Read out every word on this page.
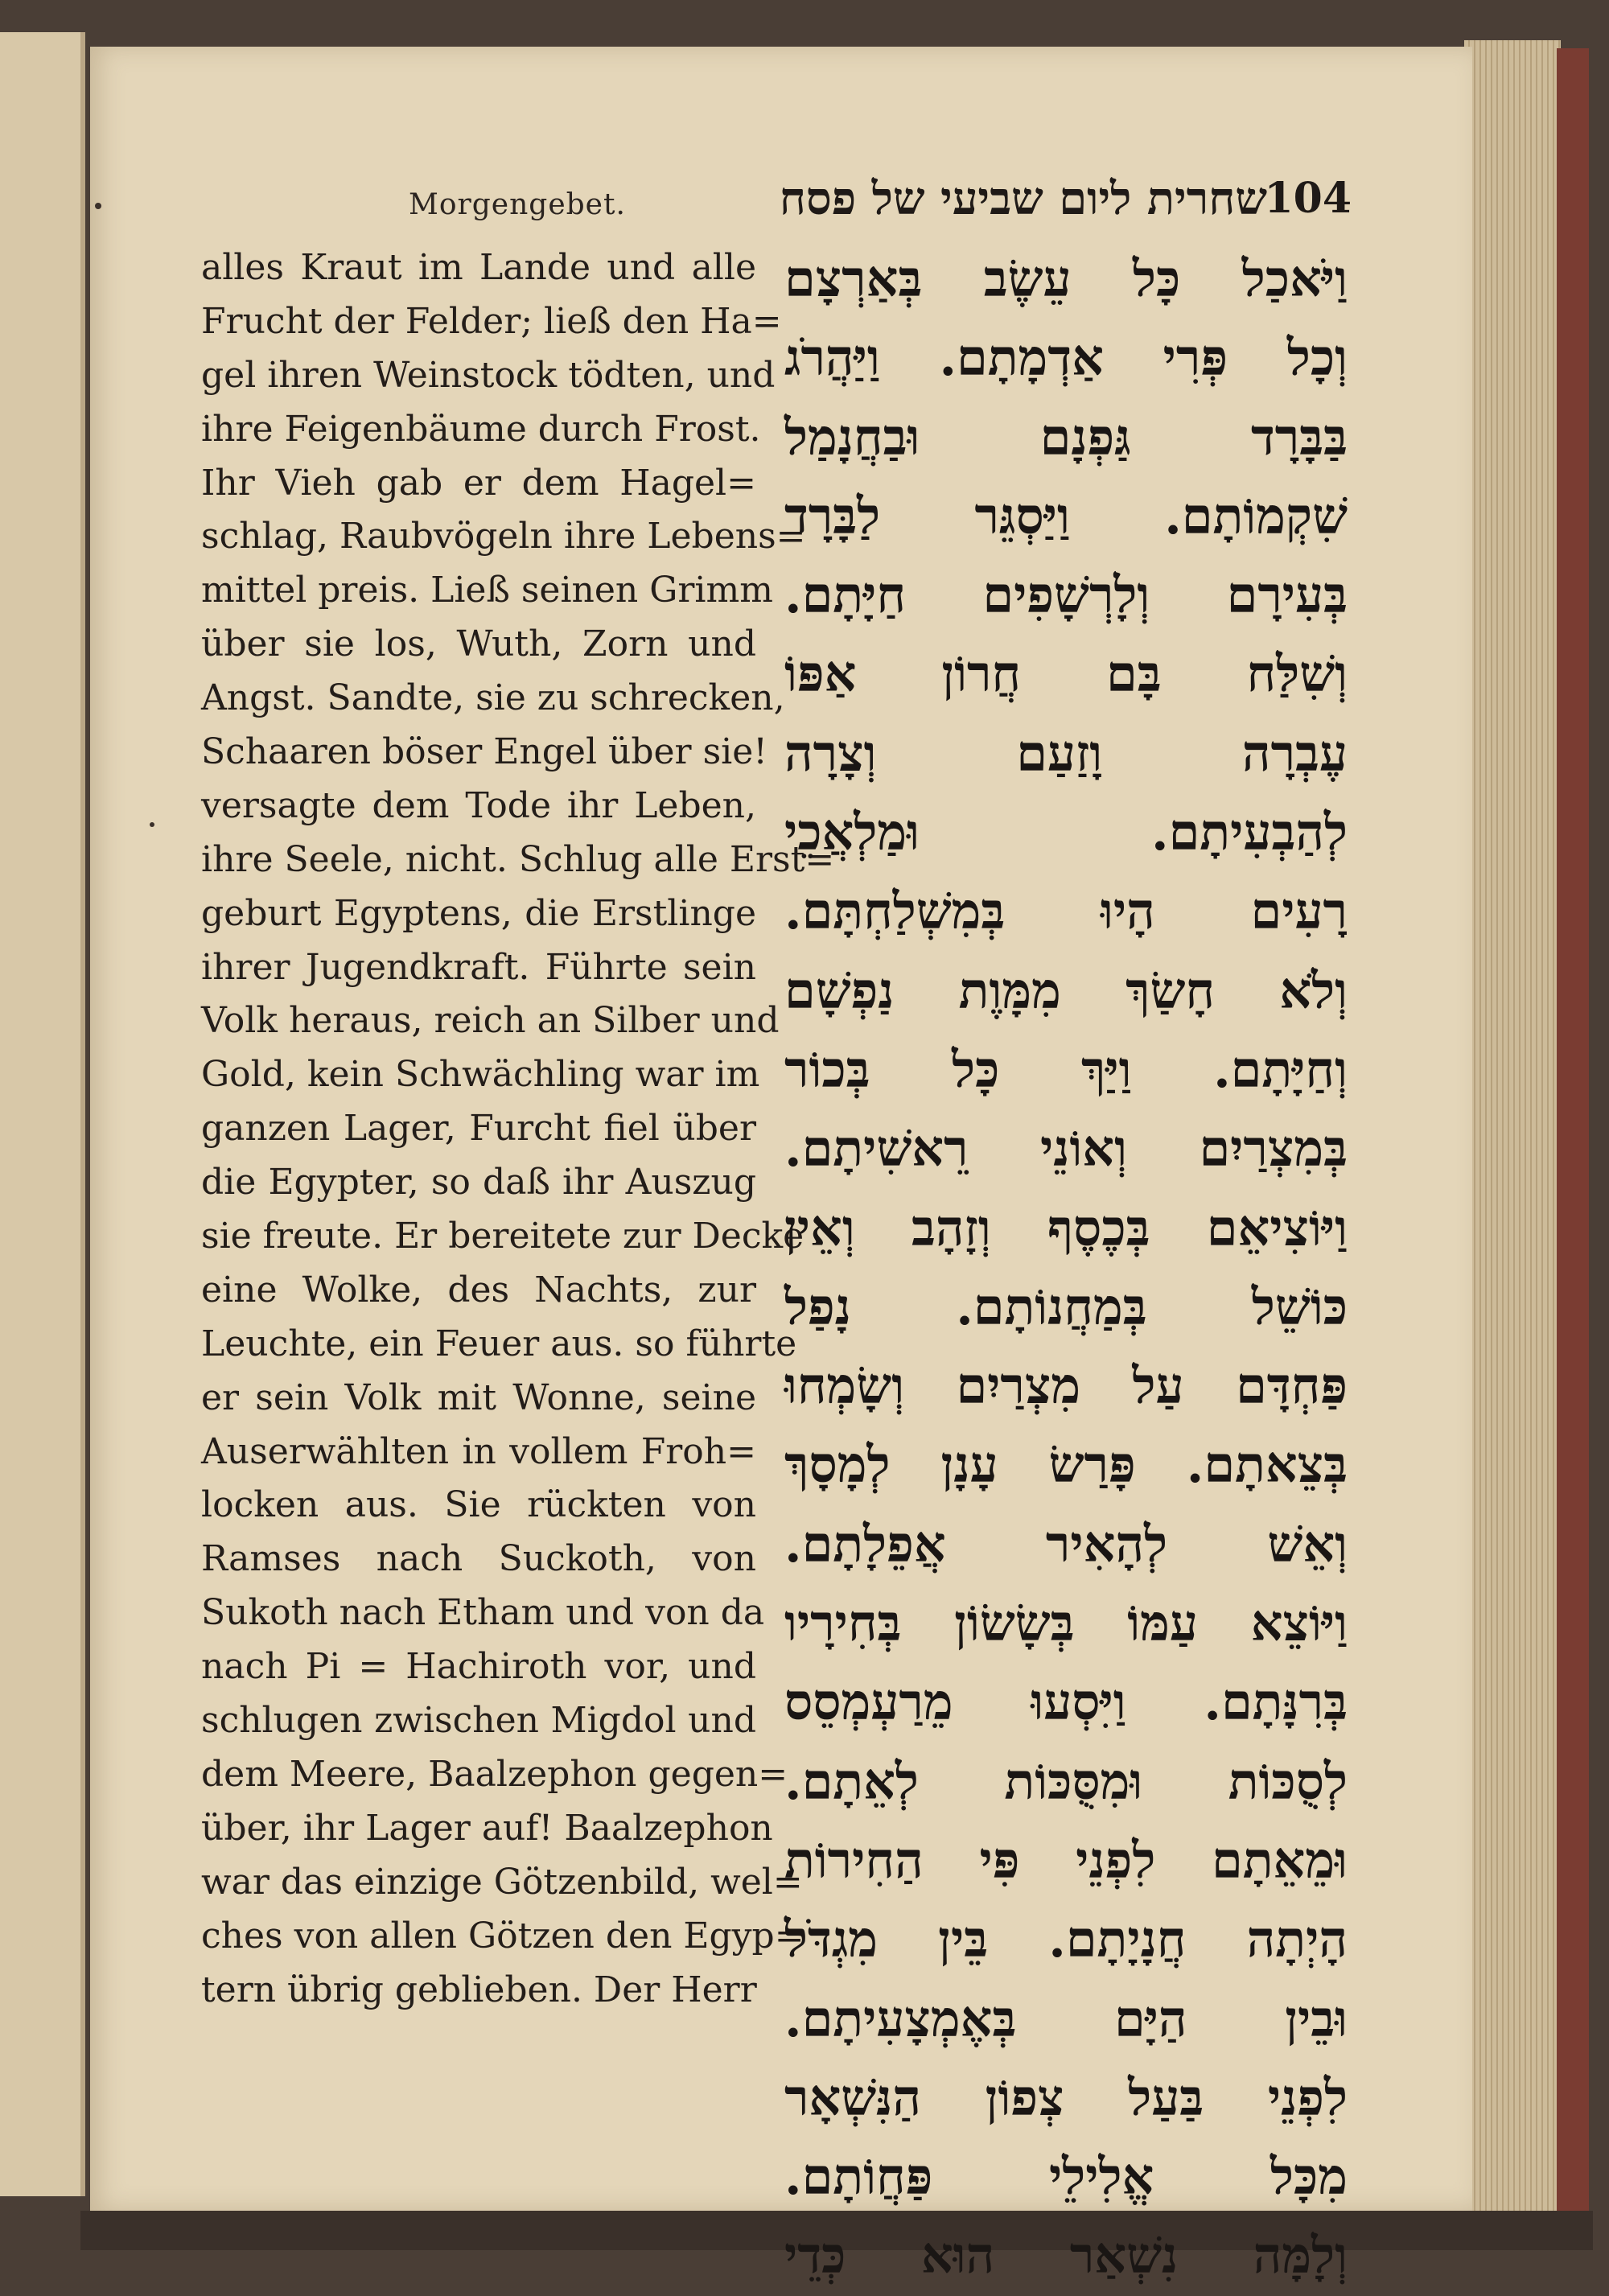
Morgengebet.	שחרית ליום שביעי של פסח
104
alles Kraut im Lande und alle
Frucht der Felder; ließ den Ha=
gel ihren Weinstock tödten, und
ihre Feigenbäume durch Frost.
Ihr Vieh gab er dem Hagel=
schlag, Raubvögeln ihre Lebens=
mittel preis. Ließ seinen Grimm
über sie los, Wuth, Zorn und
Angst. Sandte, sie zu schrecken,
Schaaren böser Engel über sie!
versagte dem Tode ihr Leben,
ihre Seele, nicht. Schlug alle Erst=
geburt Egyptens, die Erstlinge
ihrer Jugendkraft. Führte sein
Volk heraus, reich an Silber und
Gold, kein Schwächling war im
ganzen Lager, Furcht fiel über
die Egypter, so daß ihr Auszug
sie freute. Er bereitete zur Decke
eine Wolke, des Nachts, zur
Leuchte, ein Feuer aus. so führte
er sein Volk mit Wonne, seine
Auserwählten in vollem Froh=
locken aus. Sie rückten von
Ramses nach Suckoth, von
Sukoth nach Etham und von da
nach Pi = Hachiroth vor, und
schlugen zwischen Migdol und
dem Meere, Baalzephon gegen=
über, ihr Lager auf! Baalzephon
war das einzige Götzenbild, wel=
ches von allen Götzen den Egyp=
tern übrig geblieben. Der Herr
וַיֹּאכַל כָּל עֵשֶׂב בְּאַרְצָם
וְכָל פְּרִי אַדְמָתָם. וַיַּהֲרֹג
בַּבָּרָד גַּפְנָם וּבַחֲנָמַל
שִׁקְמוֹתָם. וַיַּסְגֵּר לַבָּרָד
בְּעִירָם וְלָרְשָׁפִים חַיָּתָם.
וְשִׁלַּח בָּם חֲרוֹן אַפּוֹ
עֶבְרָה וָזַעַם וְצָרָה
לְהַבְעִיתָם. וּמַלְאֲכֵי
רָעִים הָיוּ בְּמִשְׁלַחְתָּם.
וְלֹא חָשַׂךְ מִמָּוֶת נַפְשָׁם
וְחַיָּתָם. וַיַּךְ כָּל בְּכוֹר
בְּמִצְרַיִם וְאוֹנֵי רֵאשִׁיתָם.
וַיּוֹצִיאֵם בְּכֶסֶף וְזָהָב וְאֵין
כּוֹשֵׁל בְּמַחֲנוֹתָם. נָפַל
פַּחְדָּם עַל מִצְרַיִם וְשָׂמְחוּ
בְּצֵאתָם. פָּרַשׂ עָנָן לְמָסָךְ
וְאֵשׁ לְהָאִיר אֲפֵלָתָם.
וַיּוֹצֵא עַמּוֹ בְּשָׂשׂוֹן בְּחִירָיו
בְּרִנָּתָם. וַיִּסְעוּ מֵרַעְמְסֵס
לְסֻכּוֹת וּמִסֻּכּוֹת לְאֵתָם.
וּמֵאֵתָם לִפְנֵי פִּי הַחִירוֹת
הָיְתָה חֲנָיָתָם. בֵּין מִגְדֹּל
וּבֵין הַיָּם בְּאֶמְצָעִיתָם.
לִפְנֵי בַּעַל צְפוֹן הַנִּשְׁאָר
מִכָּל אֱלִילֵי פַּחֲוֹתָם.
וְלָמָּה נִשְׁאַר הוּא כְּדֵי
